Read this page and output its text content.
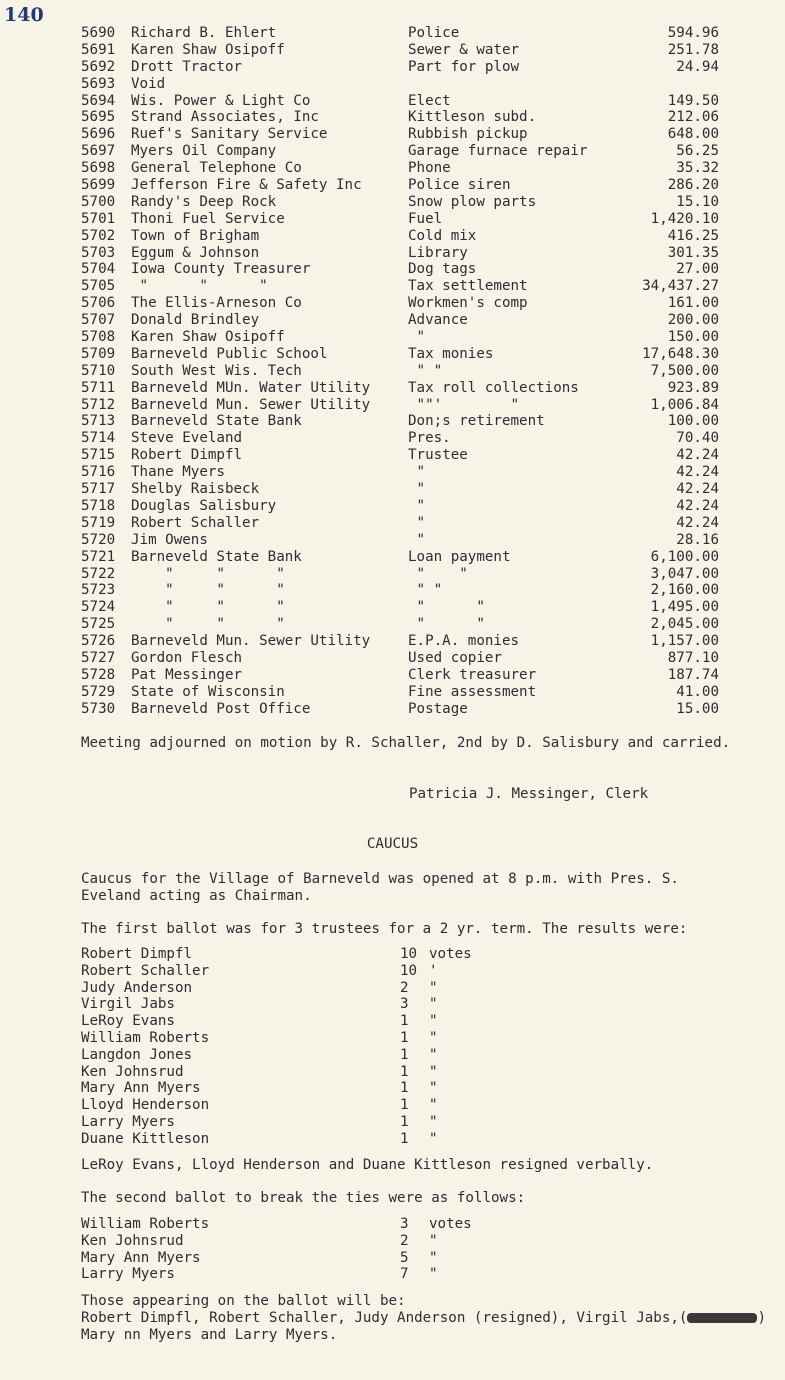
140
5690 Richard B. Ehlert	Police	594.96
5691 Karen Shaw Osipoff	Sewer & water	251.78
5692 Drott Tractor	Part for plow	24.94
5693 Void
5694 Wis. Power & Light Co	Elect	149.50
5695 Strand Associates, Inc	Kittleson subd.	212.06
5696 Ruef's Sanitary Service	Rubbish pickup	648.00
5697 Myers Oil Company	Garage furnace repair	56.25
5698 General Telephone Co	Phone	35.32
5699 Jefferson Fire & Safety Inc	Police siren	286.20
5700 Randy's Deep Rock	Snow plow parts	15.10
5701 Thoni Fuel Service	Fuel	1,420.10
5702 Town of Brigham	Cold mix	416.25
5703 Eggum & Johnson	Library	301.35
5704 Iowa County Treasurer	Dog tags	27.00
5705 "      "      "	Tax settlement	34,437.27
5706 The Ellis-Arneson Co	Workmen's comp	161.00
5707 Donald Brindley	Advance	200.00
5708 Karen Shaw Osipoff	"	150.00
5709 Barneveld Public School	Tax monies	17,648.30
5710 South West Wis. Tech	" "	7,500.00
5711 Barneveld MUn. Water Utility	Tax roll collections	923.89
5712 Barneveld Mun. Sewer Utility	""'        "	1,006.84
5713 Barneveld State Bank	Don;s retirement	100.00
5714 Steve Eveland	Pres.	70.40
5715 Robert Dimpfl	Trustee	42.24
5716 Thane Myers	"	42.24
5717 Shelby Raisbeck	"	42.24
5718 Douglas Salisbury	"	42.24
5719 Robert Schaller	"	42.24
5720 Jim Owens	"	28.16
5721 Barneveld State Bank	Loan payment	6,100.00
5722 "     "      "	"    "	3,047.00
5723 "     "      "	" "	2,160.00
5724 "     "      "	"      "	1,495.00
5725 "     "      "	"      "	2,045.00
5726 Barneveld Mun. Sewer Utility	E.P.A. monies	1,157.00
5727 Gordon Flesch	Used copier	877.10
5728 Pat Messinger	Clerk treasurer	187.74
5729 State of Wisconsin	Fine assessment	41.00
5730 Barneveld Post Office	Postage	15.00
Meeting adjourned on motion by R. Schaller, 2nd by D. Salisbury and carried.
Patricia J. Messinger, Clerk
CAUCUS
Caucus for the Village of Barneveld was opened at 8 p.m. with Pres. S. Eveland acting as Chairman.
The first ballot was for 3 trustees for a 2 yr. term. The results were:
Robert Dimpfl	10 votes
Robert Schaller	10 '
Judy Anderson	2 "
Virgil Jabs	3 "
LeRoy Evans	1 "
William Roberts	1 "
Langdon Jones	1 "
Ken Johnsrud	1 "
Mary Ann Myers	1 "
Lloyd Henderson	1 "
Larry Myers	1 "
Duane Kittleson	1 "
LeRoy Evans, Lloyd Henderson and Duane Kittleson resigned verbally.
The second ballot to break the ties were as follows:
William Roberts	3 votes
Ken Johnsrud	2 "
Mary Ann Myers	5 "
Larry Myers	7 "
Those appearing on the ballot will be:
Robert Dimpfl, Robert Schaller, Judy Anderson (resigned), Virgil Jabs,(	)
Mary nn Myers and Larry Myers.
